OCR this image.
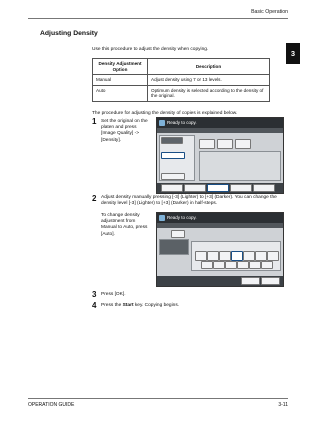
Basic Operation
3
Adjusting Density
Use this procedure to adjust the density when copying.
Density Adjustment Option	Description
Manual	Adjust density using 7 or 13 levels.
Auto	Optimum density is selected according to the density of the original.
The procedure for adjusting the density of copies is explained below.
1 Set the original on the platen and press [Image Quality] -> [Density].
Ready to copy.
2 Adjust density manually pressing [-3] (Lighter) to [+3] (Darker). You can change the density level [-3] (Lighter) to [+3] (Darker) in half-steps.
To change density adjustment from Manual to Auto, press [Auto].
Ready to copy.
3 Press [OK].
4 Press the Start key. Copying begins.
OPERATION GUIDE	3-11
